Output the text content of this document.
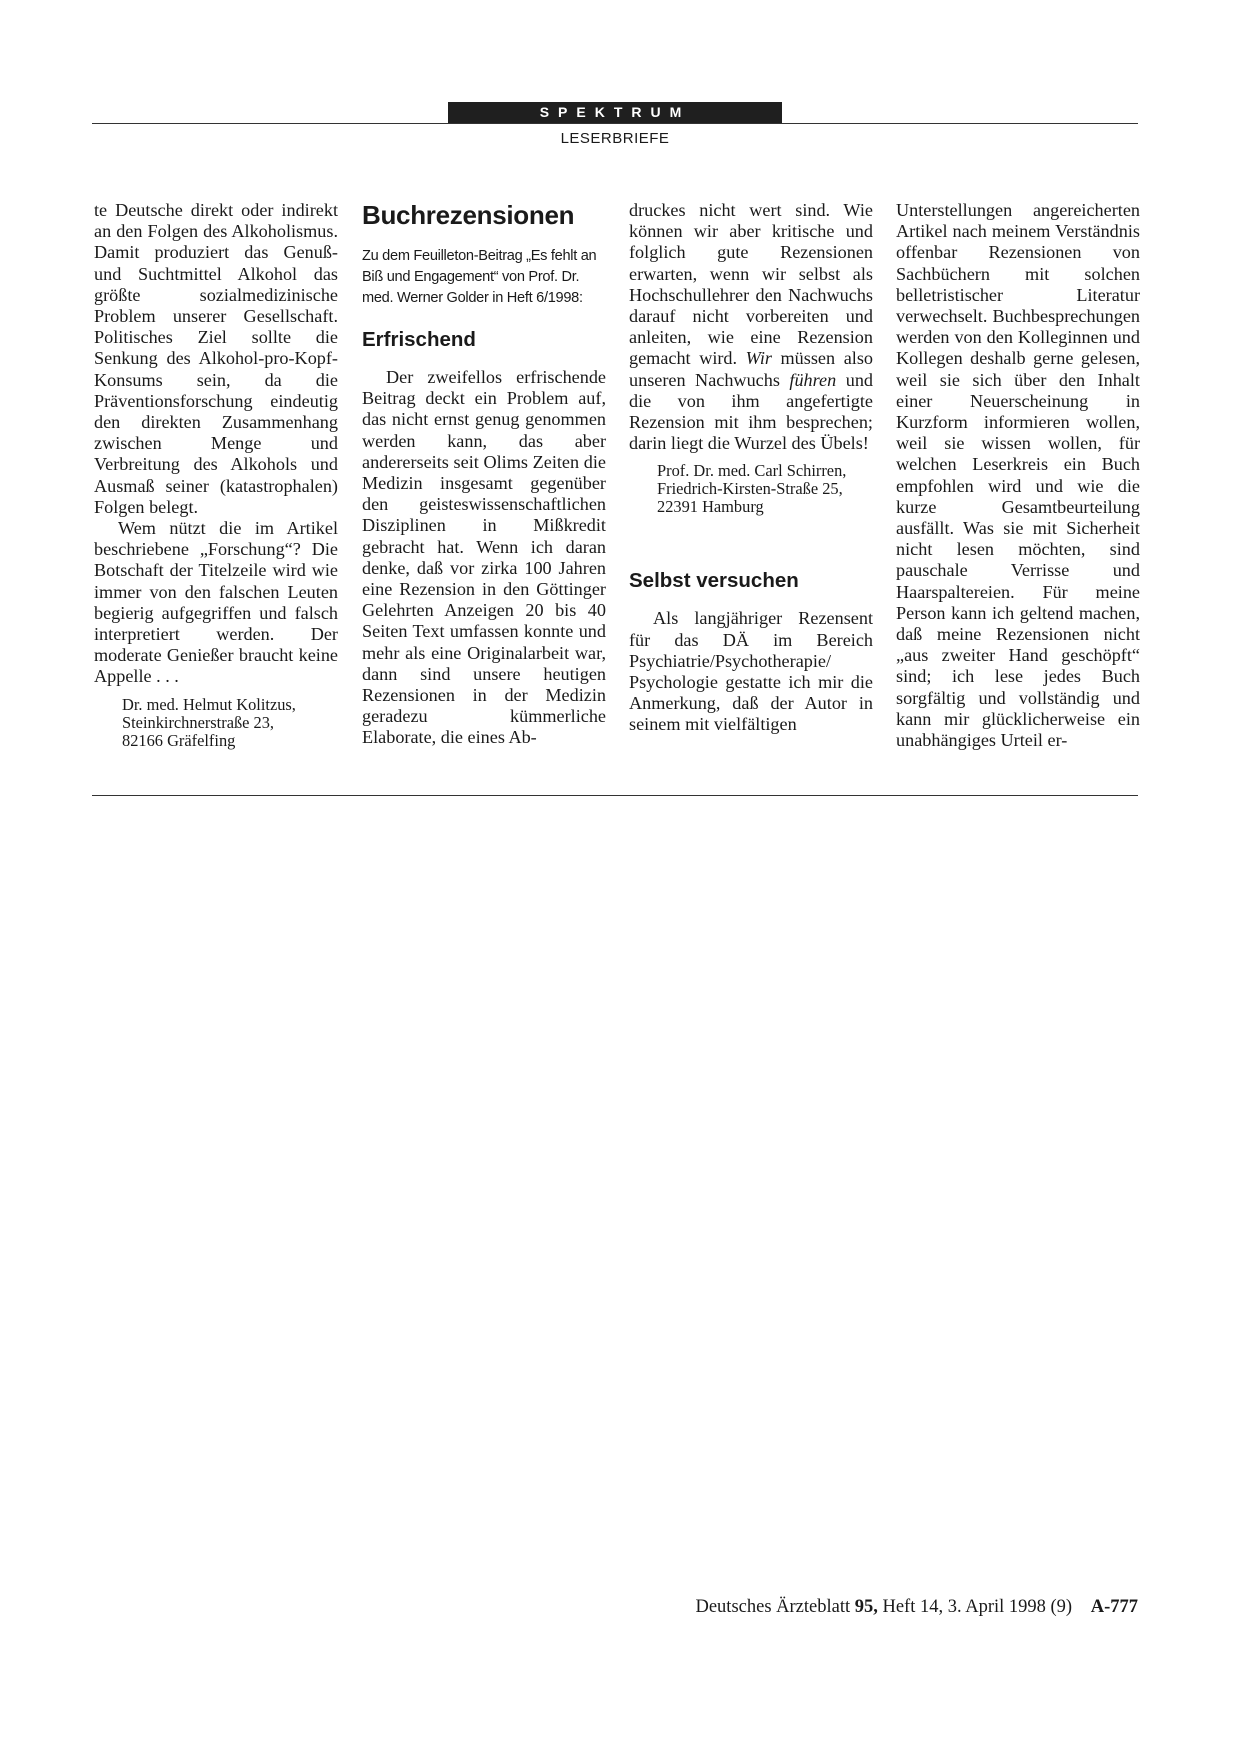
SPEKTRUM
LESERBRIEFE

te Deutsche direkt oder indirekt an den Folgen des Alkoholismus. Damit produziert das Genuß- und Suchtmittel Alkohol das größte sozialmedizinische Problem unserer Gesellschaft. Politisches Ziel sollte die Senkung des Alkohol-pro-Kopf-Konsums sein, da die Präventionsforschung eindeutig den direkten Zusammenhang zwischen Menge und Verbreitung des Alkohols und Ausmaß seiner (katastrophalen) Folgen belegt.

Wem nützt die im Artikel beschriebene „Forschung“? Die Botschaft der Titelzeile wird wie immer von den falschen Leuten begierig aufgegriffen und falsch interpretiert werden. Der moderate Genießer braucht keine Appelle . . .

Dr. med. Helmut Kolitzus,
Steinkirchnerstraße 23,
82166 Gräfelfing
Buchrezensionen

Zu dem Feuilleton-Beitrag „Es fehlt an Biß und Engagement“ von Prof. Dr. med. Werner Golder in Heft 6/1998:

Erfrischend

Der zweifellos erfrischende Beitrag deckt ein Problem auf, das nicht ernst genug genommen werden kann, das aber andererseits seit Olims Zeiten die Medizin insgesamt gegenüber den geisteswissenschaftlichen Disziplinen in Mißkredit gebracht hat. Wenn ich daran denke, daß vor zirka 100 Jahren eine Rezension in den Göttinger Gelehrten Anzeigen 20 bis 40 Seiten Text umfassen konnte und mehr als eine Originalarbeit war, dann sind unsere heutigen Rezensionen in der Medizin geradezu kümmerliche Elaborate, die eines Ab-

druckes nicht wert sind. Wie können wir aber kritische und folglich gute Rezensionen erwarten, wenn wir selbst als Hochschullehrer den Nachwuchs darauf nicht vorbereiten und anleiten, wie eine Rezension gemacht wird. Wir müssen also unseren Nachwuchs führen und die von ihm angefertigte Rezension mit ihm besprechen; darin liegt die Wurzel des Übels!

Prof. Dr. med. Carl Schirren,
Friedrich-Kirsten-Straße 25,
22391 Hamburg
Selbst versuchen

Als langjähriger Rezensent für das DÄ im Bereich Psychiatrie/Psychotherapie/ Psychologie gestatte ich mir die Anmerkung, daß der Autor in seinem mit vielfältigen

Unterstellungen angereicherten Artikel nach meinem Verständnis offenbar Rezensionen von Sachbüchern mit solchen belletristischer Literatur verwechselt. Buchbesprechungen werden von den Kolleginnen und Kollegen deshalb gerne gelesen, weil sie sich über den Inhalt einer Neuerscheinung in Kurzform informieren wollen, weil sie wissen wollen, für welchen Leserkreis ein Buch empfohlen wird und wie die kurze Gesamtbeurteilung ausfällt. Was sie mit Sicherheit nicht lesen möchten, sind pauschale Verrisse und Haarspaltereien. Für meine Person kann ich geltend machen, daß meine Rezensionen nicht „aus zweiter Hand geschöpft“ sind; ich lese jedes Buch sorgfältig und vollständig und kann mir glücklicherweise ein unabhängiges Urteil er-

Deutsches Ärzteblatt 95, Heft 14, 3. April 1998 (9) A-777
